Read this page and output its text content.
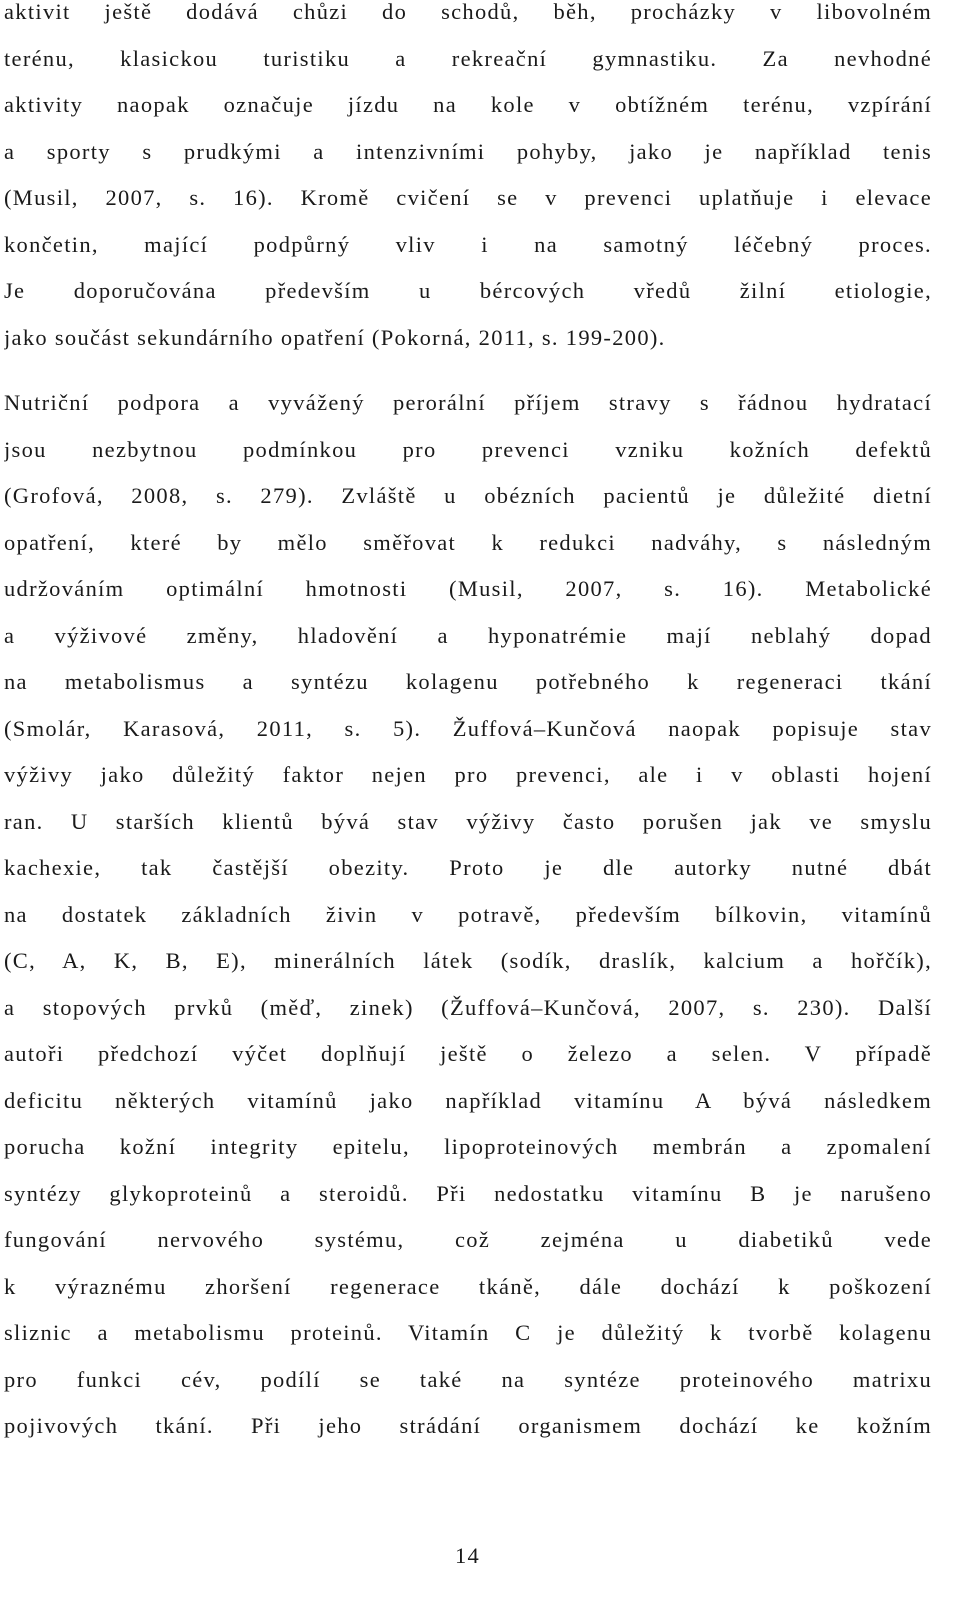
aktivit ještě dodává chůzi do schodů, běh, procházky v libovolném
terénu, klasickou turistiku a rekreační gymnastiku. Za nevhodné
aktivity naopak označuje jízdu na kole v obtížném terénu, vzpírání
a sporty s prudkými a intenzivními pohyby, jako je například tenis
(Musil, 2007, s. 16). Kromě cvičení se v prevenci uplatňuje i elevace
končetin, mající podpůrný vliv i na samotný léčebný proces.
Je doporučována především u bércových vředů žilní etiologie,
jako součást sekundárního opatření (Pokorná, 2011, s. 199-200).
Nutriční podpora a vyvážený perorální příjem stravy s řádnou hydratací
jsou nezbytnou podmínkou pro prevenci vzniku kožních defektů
(Grofová, 2008, s. 279). Zvláště u obézních pacientů je důležité dietní
opatření, které by mělo směřovat k redukci nadváhy, s následným
udržováním optimální hmotnosti (Musil, 2007, s. 16). Metabolické
a výživové změny, hladovění a hyponatrémie mají neblahý dopad
na metabolismus a syntézu kolagenu potřebného k regeneraci tkání
(Smolár, Karasová, 2011, s. 5). Žuffová–Kunčová naopak popisuje stav
výživy jako důležitý faktor nejen pro prevenci, ale i v oblasti hojení
ran. U starších klientů bývá stav výživy často porušen jak ve smyslu
kachexie, tak častější obezity. Proto je dle autorky nutné dbát
na dostatek základních živin v potravě, především bílkovin, vitamínů
(C, A, K, B, E), minerálních látek (sodík, draslík, kalcium a hořčík),
a stopových prvků (měď, zinek) (Žuffová–Kunčová, 2007, s. 230). Další
autoři předchozí výčet doplňují ještě o železo a selen. V případě
deficitu některých vitamínů jako například vitamínu A bývá následkem
porucha kožní integrity epitelu, lipoproteinových membrán a zpomalení
syntézy glykoproteinů a steroidů. Při nedostatku vitamínu B je narušeno
fungování nervového systému, což zejména u diabetiků vede
k výraznému zhoršení regenerace tkáně, dále dochází k poškození
sliznic a metabolismu proteinů. Vitamín C je důležitý k tvorbě kolagenu
pro funkci cév, podílí se také na syntéze proteinového matrixu
pojivových tkání. Při jeho strádání organismem dochází ke kožním
14
